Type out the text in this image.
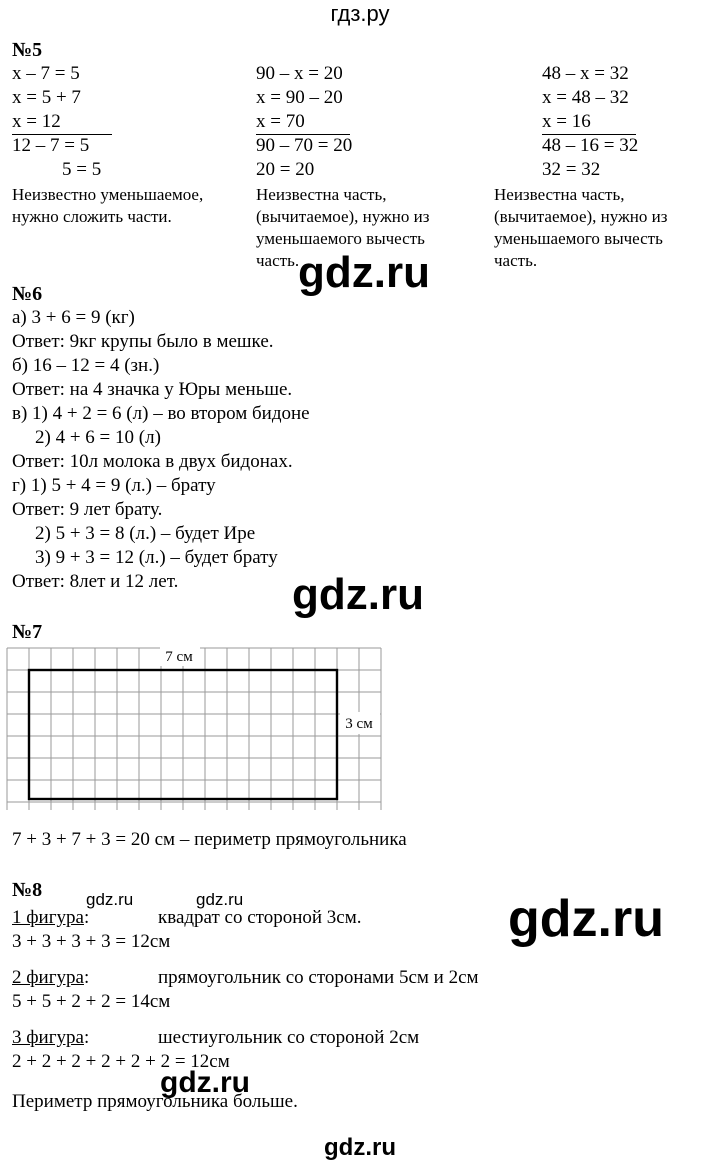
гдз.ру
№5
x – 7 = 5
x = 5 + 7
x = 12
12 – 7 = 5
5 = 5
Неизвестно уменьшаемое,
нужно сложить части.
90 – x = 20
x = 90 – 20
x = 70
90 – 70 = 20
20 = 20
Неизвестна часть,
(вычитаемое), нужно из
уменьшаемого вычесть
часть.
48 – x = 32
x = 48 – 32
x = 16
48 – 16 = 32
32 = 32
Неизвестна часть,
(вычитаемое), нужно из
уменьшаемого вычесть
часть.
gdz.ru
№6
а) 3 + 6 = 9 (кг)
Ответ: 9кг крупы было в мешке.
б) 16 – 12 = 4 (зн.)
Ответ: на 4 значка у Юры меньше.
в) 1) 4 + 2 = 6 (л) – во втором бидоне
2) 4 + 6 = 10 (л)
Ответ: 10л молока в двух бидонах.
г) 1) 5 + 4 = 9 (л.) – брату
Ответ: 9 лет брату.
2) 5 + 3 = 8 (л.) – будет Ире
3) 9 + 3 = 12 (л.) – будет брату
Ответ: 8лет и 12 лет.	gdz.ru
№7
7 см
3 см
7 + 3 + 7 + 3 = 20 см – периметр прямоугольника
№8	gdz.ru	gdz.ru	gdz.ru
1 фигура:	квадрат со стороной 3см.
3 + 3 + 3 + 3 = 12см
2 фигура:	прямоугольник со сторонами 5см и 2см
5 + 5 + 2 + 2 = 14см
3 фигура:	шестиугольник со стороной 2см
2 + 2 + 2 + 2 + 2 + 2 = 12см
gdz.ru
Периметр прямоугольника больше.
gdz.ru
